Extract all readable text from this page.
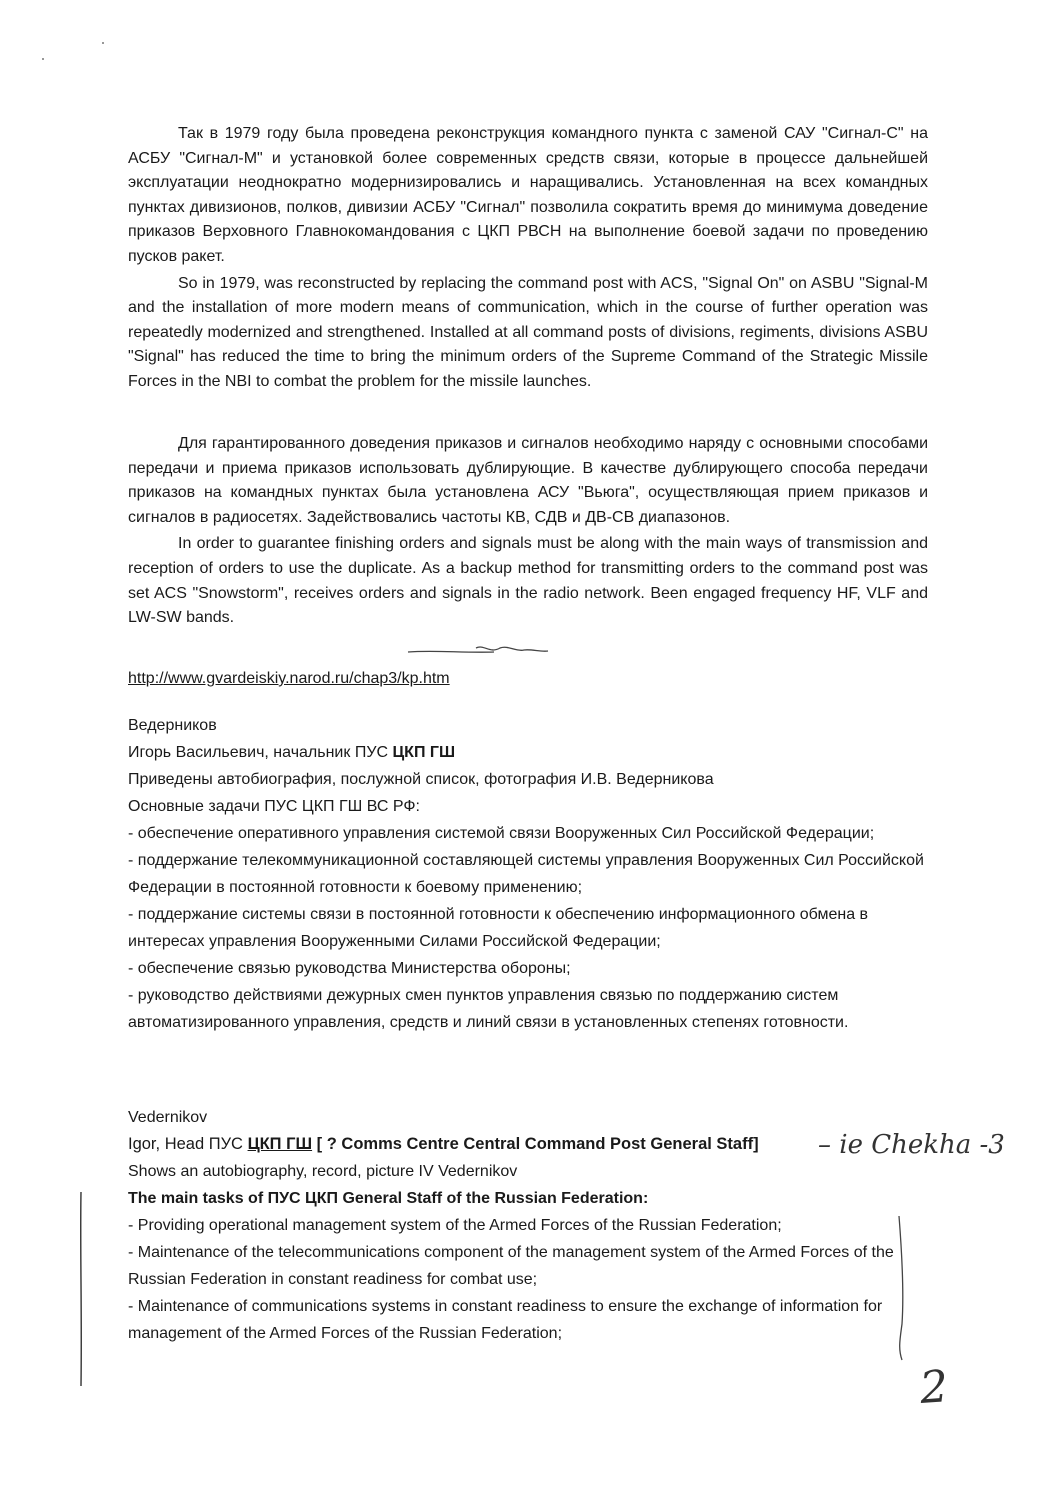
Так в 1979 году была проведена реконструкция командного пункта с заменой САУ "Сигнал-С" на АСБУ "Сигнал-М" и установкой более современных средств связи, которые в процессе дальнейшей эксплуатации неоднократно модернизировались и наращивались. Установленная на всех командных пунктах дивизионов, полков, дивизии АСБУ "Сигнал" позволила сократить время до минимума доведение приказов Верховного Главнокомандования с ЦКП РВСН на выполнение боевой задачи по проведению пусков ракет.

So in 1979, was reconstructed by replacing the command post with ACS, "Signal On" on ASBU "Signal-M and the installation of more modern means of communication, which in the course of further operation was repeatedly modernized and strengthened. Installed at all command posts of divisions, regiments, divisions ASBU "Signal" has reduced the time to bring the minimum orders of the Supreme Command of the Strategic Missile Forces in the NBI to combat the problem for the missile launches.

Для гарантированного доведения приказов и сигналов необходимо наряду с основными способами передачи и приема приказов использовать дублирующие. В качестве дублирующего способа передачи приказов на командных пунктах была установлена АСУ "Вьюга", осуществляющая прием приказов и сигналов в радиосетях. Задействовались частоты КВ, СДВ и ДВ-СВ диапазонов.

In order to guarantee finishing orders and signals must be along with the main ways of transmission and reception of orders to use the duplicate. As a backup method for transmitting orders to the command post was set ACS "Snowstorm", receives orders and signals in the radio network. Been engaged frequency HF, VLF and LW-SW bands.

http://www.gvardeiskiy.narod.ru/chap3/kp.htm

Ведерников

Игорь Васильевич, начальник ПУС ЦКП ГШ

Приведены автобиография, послужной список, фотография И.В. Ведерникова

Основные задачи ПУС ЦКП ГШ ВС РФ:

- обеспечение оперативного управления системой связи Вооруженных Сил Российской Федерации;

- поддержание телекоммуникационной составляющей системы управления Вооруженных Сил Российской Федерации в постоянной готовности к боевому применению;

- поддержание системы связи в постоянной готовности к обеспечению информационного обмена в интересах управления Вооруженными Силами Российской Федерации;

- обеспечение связью руководства Министерства обороны;

- руководство действиями дежурных смен пунктов управления связью по поддержанию систем автоматизированного управления, средств и линий связи в установленных степенях готовности.

Vedernikov

Igor, Head ПУС ЦКП ГШ [ ? Comms Centre Central Command Post General Staff]

Shows an autobiography, record, picture IV Vedernikov

The main tasks of ПУС ЦКП General Staff of the Russian Federation:

- Providing operational management system of the Armed Forces of the Russian Federation;

- Maintenance of the telecommunications component of the management system of the Armed Forces of the Russian Federation in constant readiness for combat use;

- Maintenance of communications systems in constant readiness to ensure the exchange of information for management of the Armed Forces of the Russian Federation;

– ie Chekha -3
2
